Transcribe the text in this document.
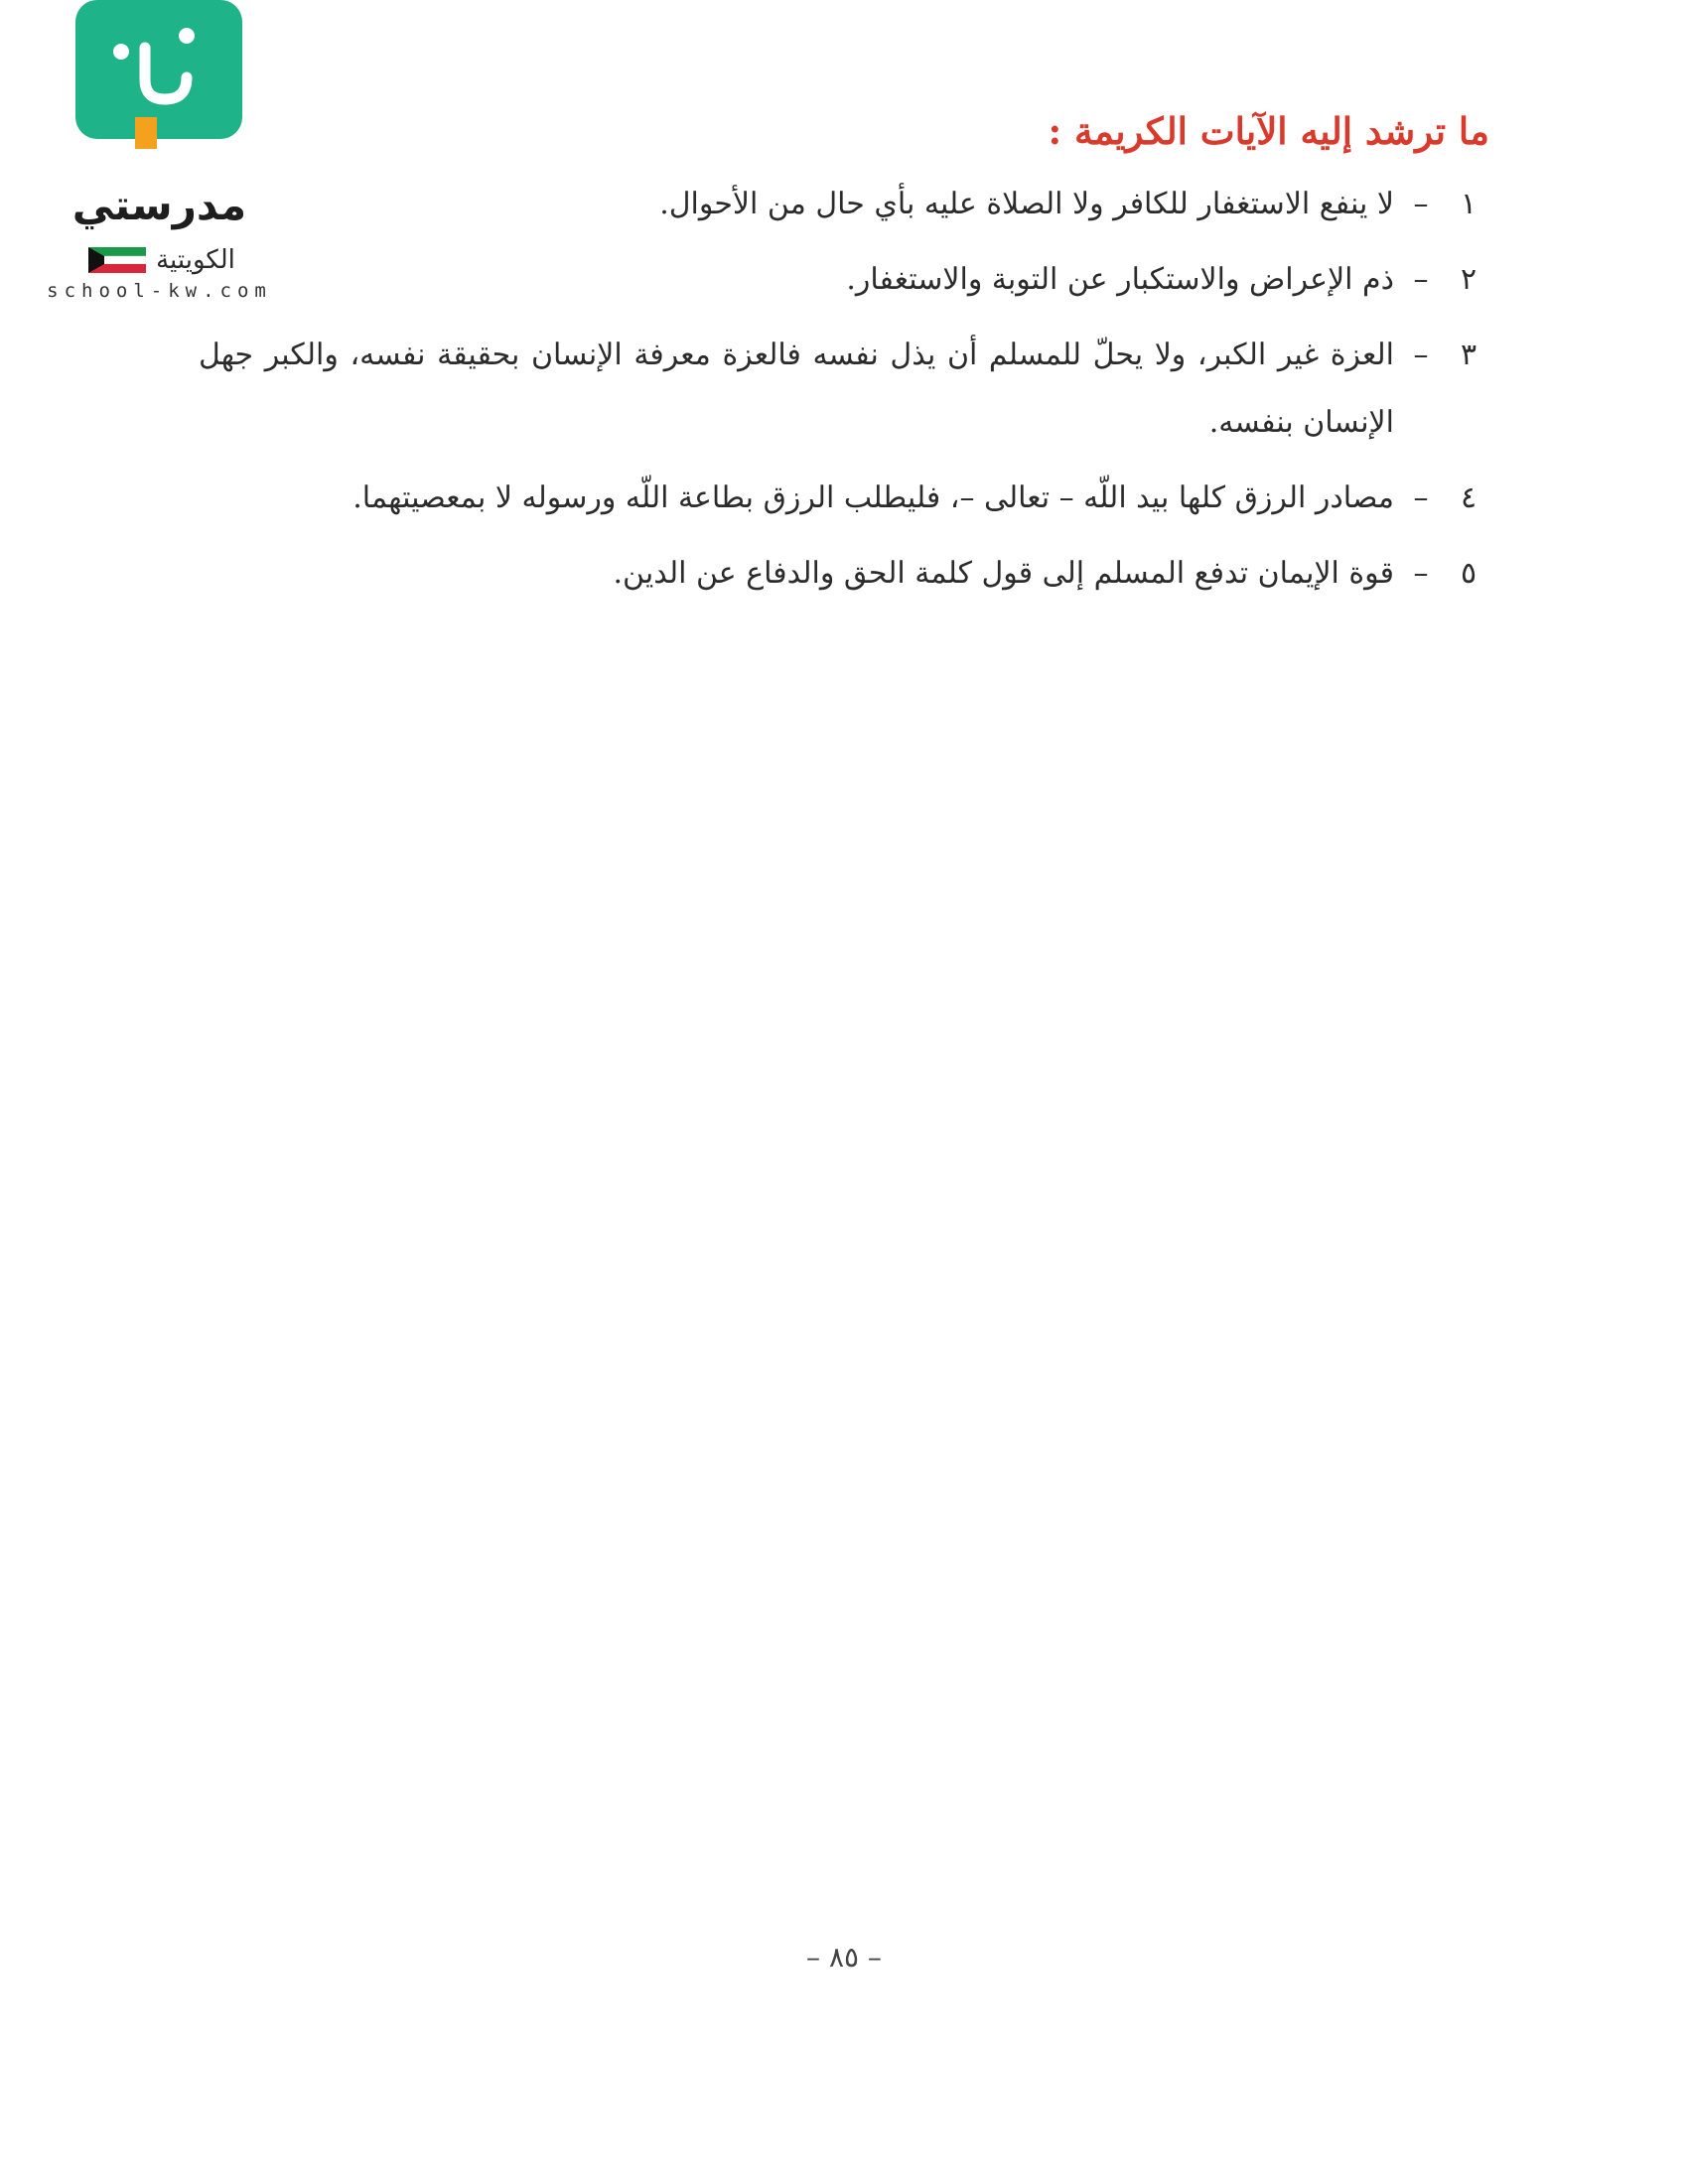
مدرستي
الكويتية
school-kw.com
ما ترشد إليه الآيات الكريمة :
١
–
لا ينفع الاستغفار للكافر ولا الصلاة عليه بأي حال من الأحوال.
٢
–
ذم الإعراض والاستكبار عن التوبة والاستغفار.
٣
–
العزة غير الكبر، ولا يحلّ للمسلم أن يذل نفسه فالعزة معرفة الإنسان بحقيقة نفسه، والكبر جهل الإنسان بنفسه.
٤
–
مصادر الرزق كلها بيد اللّه – تعالى –، فليطلب الرزق بطاعة اللّه ورسوله لا بمعصيتهما.
٥
–
قوة الإيمان تدفع المسلم إلى قول كلمة الحق والدفاع عن الدين.
– ٨٥ –
